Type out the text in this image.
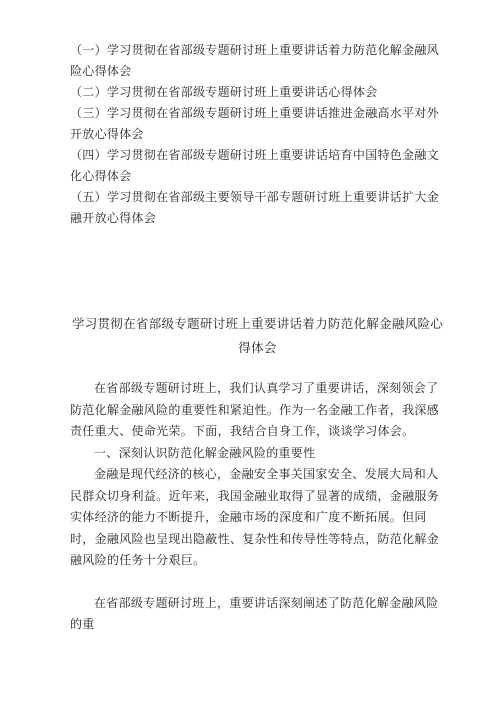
（一）学习贯彻在省部级专题研讨班上重要讲话着力防范化解金融风险心得体会

（二）学习贯彻在省部级专题研讨班上重要讲话心得体会

（三）学习贯彻在省部级专题研讨班上重要讲话推进金融高水平对外开放心得体会

（四）学习贯彻在省部级专题研讨班上重要讲话培育中国特色金融文化心得体会

（五）学习贯彻在省部级主要领导干部专题研讨班上重要讲话扩大金融开放心得体会

学习贯彻在省部级专题研讨班上重要讲话着力防范化解金融风险心得体会

在省部级专题研讨班上，我们认真学习了重要讲话，深刻领会了防范化解金融风险的重要性和紧迫性。作为一名金融工作者，我深感责任重大、使命光荣。下面，我结合自身工作，谈谈学习体会。

一、深刻认识防范化解金融风险的重要性

金融是现代经济的核心，金融安全事关国家安全、发展大局和人民群众切身利益。近年来，我国金融业取得了显著的成绩，金融服务实体经济的能力不断提升，金融市场的深度和广度不断拓展。但同时，金融风险也呈现出隐蔽性、复杂性和传导性等特点，防范化解金融风险的任务十分艰巨。

在省部级专题研讨班上，重要讲话深刻阐述了防范化解金融风险的重
